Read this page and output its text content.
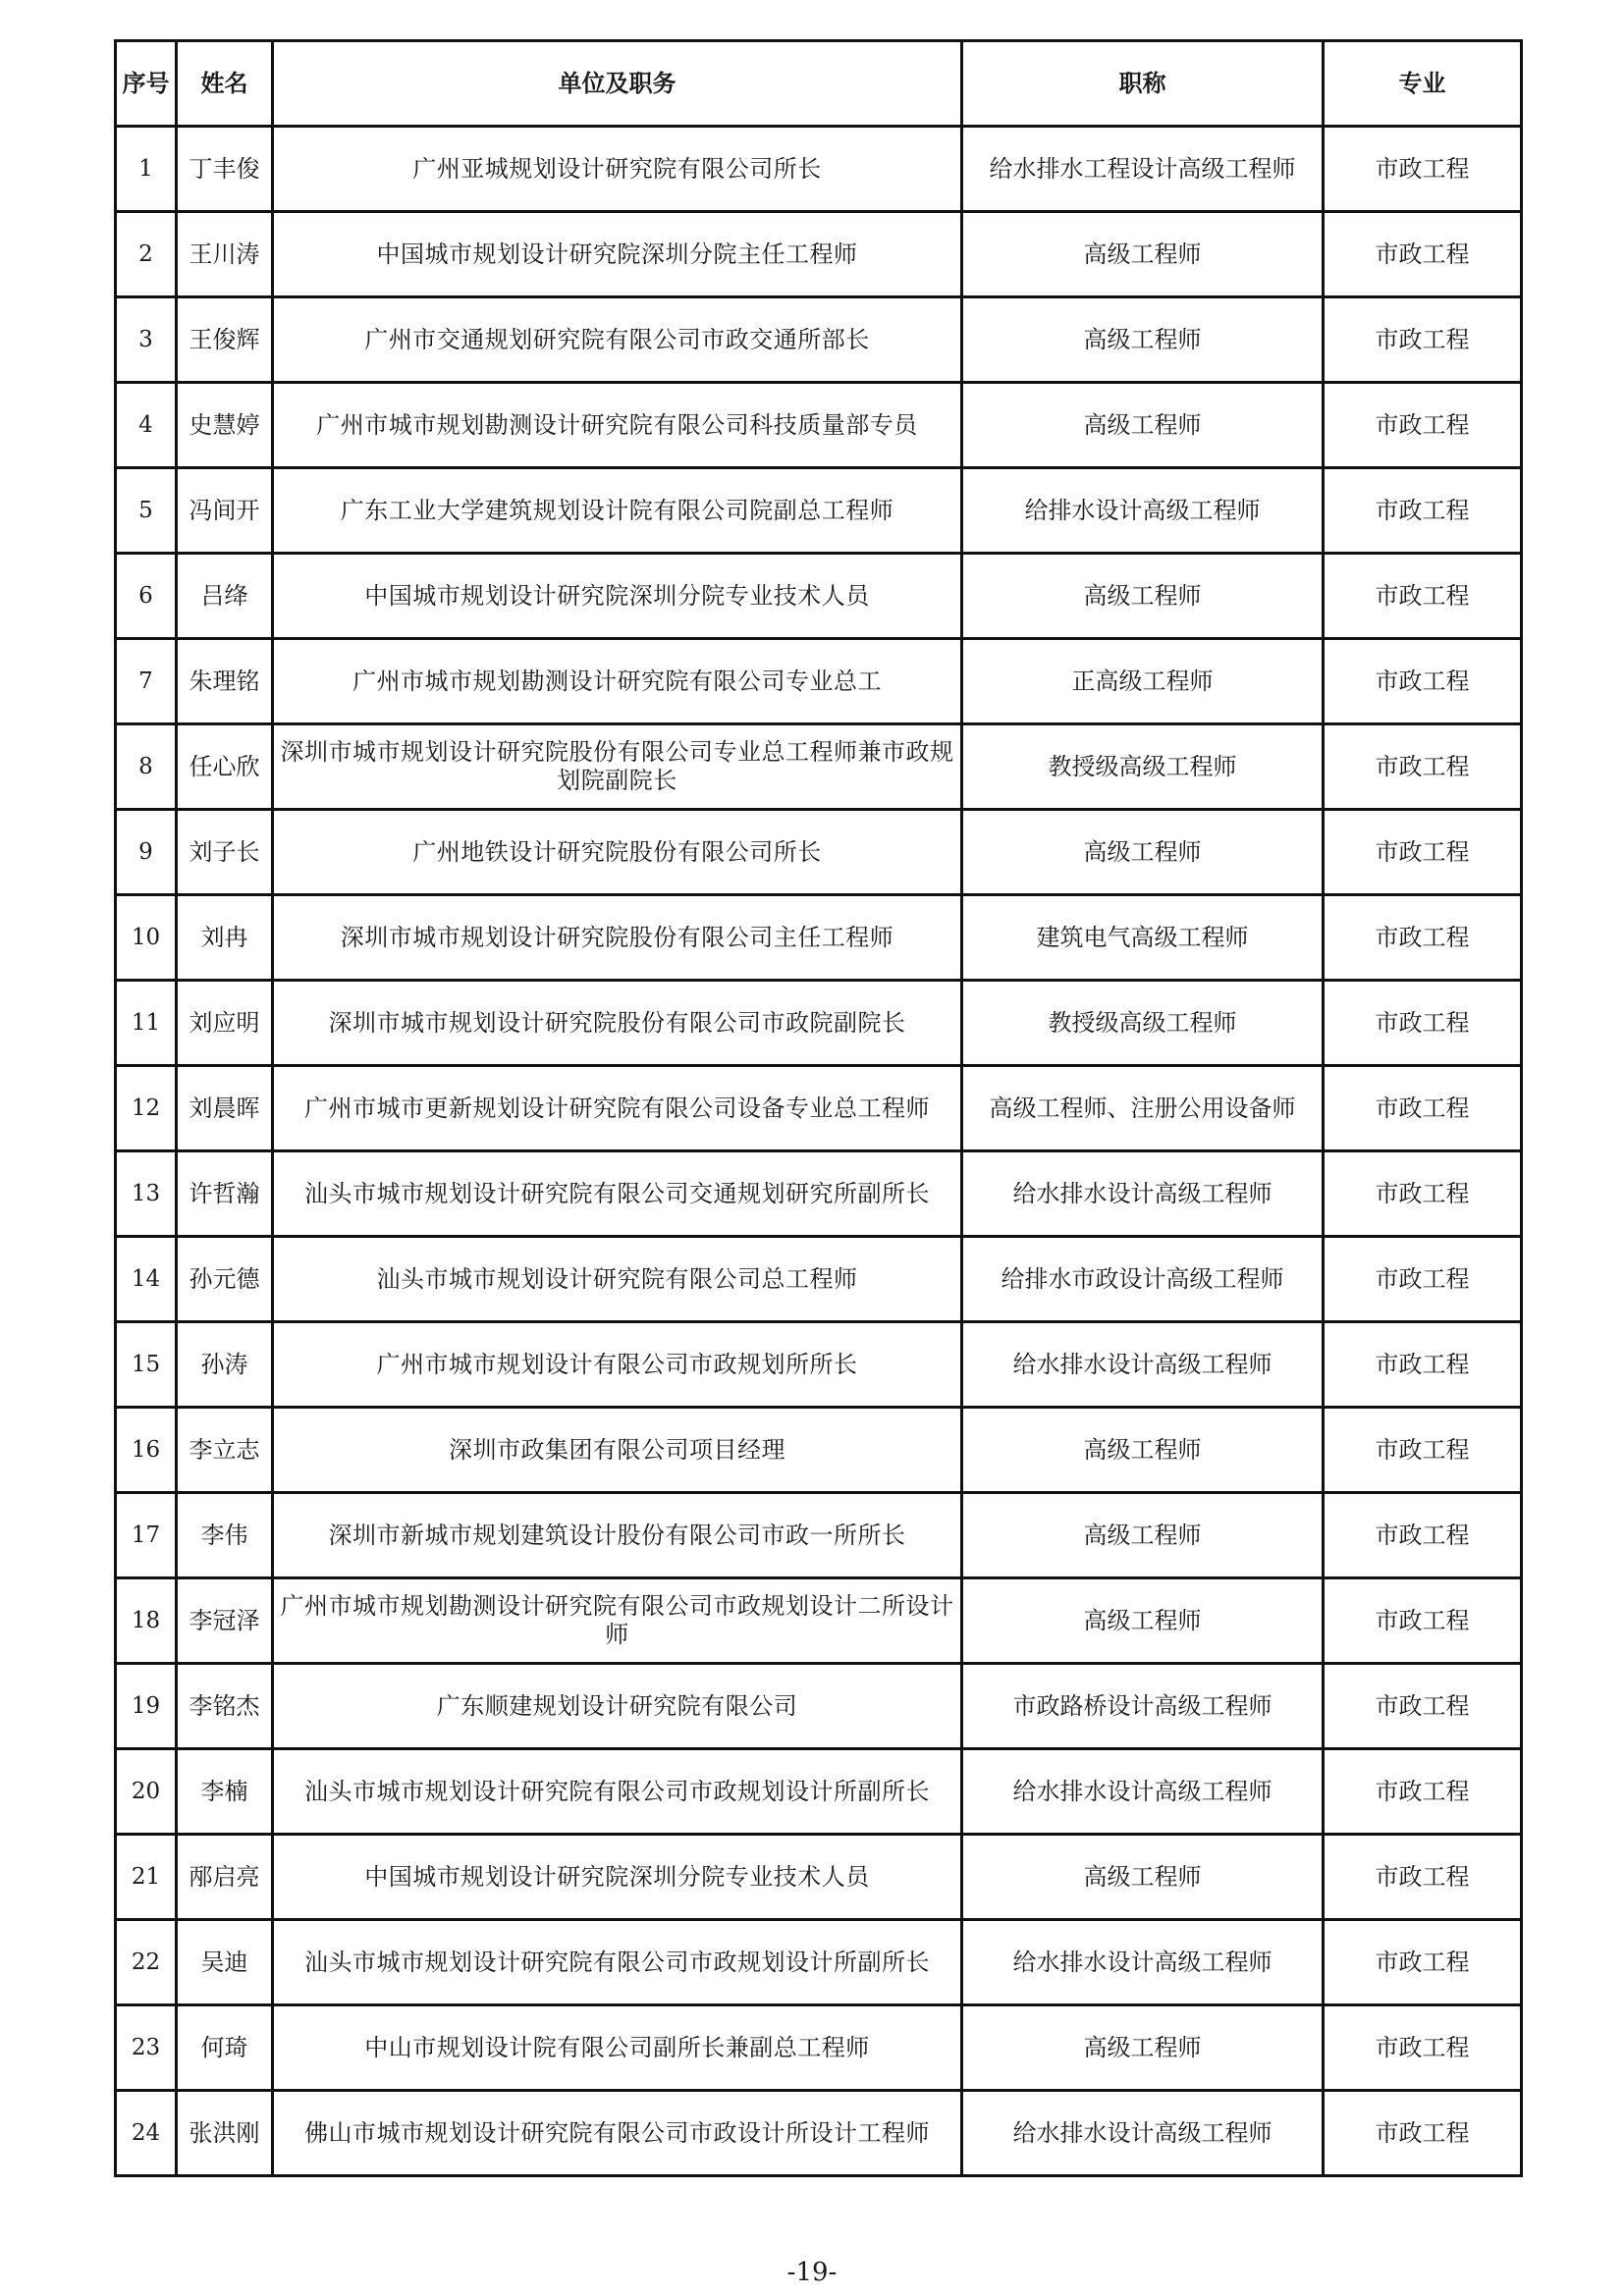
序号	姓名	单位及职务	职称	专业
1	丁丰俊	广州亚城规划设计研究院有限公司所长	给水排水工程设计高级工程师	市政工程
2	王川涛	中国城市规划设计研究院深圳分院主任工程师	高级工程师	市政工程
3	王俊辉	广州市交通规划研究院有限公司市政交通所部长	高级工程师	市政工程
4	史慧婷	广州市城市规划勘测设计研究院有限公司科技质量部专员	高级工程师	市政工程
5	冯间开	广东工业大学建筑规划设计院有限公司院副总工程师	给排水设计高级工程师	市政工程
6	吕绛	中国城市规划设计研究院深圳分院专业技术人员	高级工程师	市政工程
7	朱理铭	广州市城市规划勘测设计研究院有限公司专业总工	正高级工程师	市政工程
8	任心欣	深圳市城市规划设计研究院股份有限公司专业总工程师兼市政规划院副院长	教授级高级工程师	市政工程
9	刘子长	广州地铁设计研究院股份有限公司所长	高级工程师	市政工程
10	刘冉	深圳市城市规划设计研究院股份有限公司主任工程师	建筑电气高级工程师	市政工程
11	刘应明	深圳市城市规划设计研究院股份有限公司市政院副院长	教授级高级工程师	市政工程
12	刘晨晖	广州市城市更新规划设计研究院有限公司设备专业总工程师	高级工程师、注册公用设备师	市政工程
13	许哲瀚	汕头市城市规划设计研究院有限公司交通规划研究所副所长	给水排水设计高级工程师	市政工程
14	孙元德	汕头市城市规划设计研究院有限公司总工程师	给排水市政设计高级工程师	市政工程
15	孙涛	广州市城市规划设计有限公司市政规划所所长	给水排水设计高级工程师	市政工程
16	李立志	深圳市政集团有限公司项目经理	高级工程师	市政工程
17	李伟	深圳市新城市规划建筑设计股份有限公司市政一所所长	高级工程师	市政工程
18	李冠泽	广州市城市规划勘测设计研究院有限公司市政规划设计二所设计师	高级工程师	市政工程
19	李铭杰	广东顺建规划设计研究院有限公司	市政路桥设计高级工程师	市政工程
20	李楠	汕头市城市规划设计研究院有限公司市政规划设计所副所长	给水排水设计高级工程师	市政工程
21	邴启亮	中国城市规划设计研究院深圳分院专业技术人员	高级工程师	市政工程
22	吴迪	汕头市城市规划设计研究院有限公司市政规划设计所副所长	给水排水设计高级工程师	市政工程
23	何琦	中山市规划设计院有限公司副所长兼副总工程师	高级工程师	市政工程
24	张洪刚	佛山市城市规划设计研究院有限公司市政设计所设计工程师	给水排水设计高级工程师	市政工程
-19-
